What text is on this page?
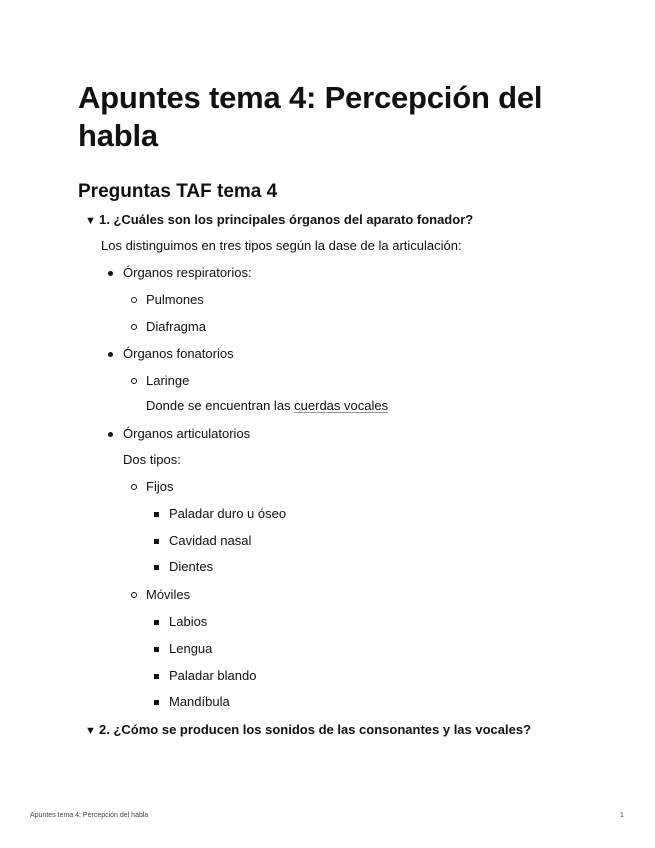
Apuntes tema 4: Percepción del habla
Preguntas TAF tema 4
▼ 1. ¿Cuáles son los principales órganos del aparato fonador?
Los distinguimos en tres tipos según la dase de la articulación:
Órganos respiratorios:
Pulmones
Diafragma
Órganos fonatorios
Laringe
Donde se encuentran las cuerdas vocales
Órganos articulatorios
Dos tipos:
Fijos
Paladar duro u óseo
Cavidad nasal
Dientes
Móviles
Labios
Lengua
Paladar blando
Mandíbula
▼ 2. ¿Cómo se producen los sonidos de las consonantes y las vocales?
Apuntes tema 4: Percepción del habla	1
